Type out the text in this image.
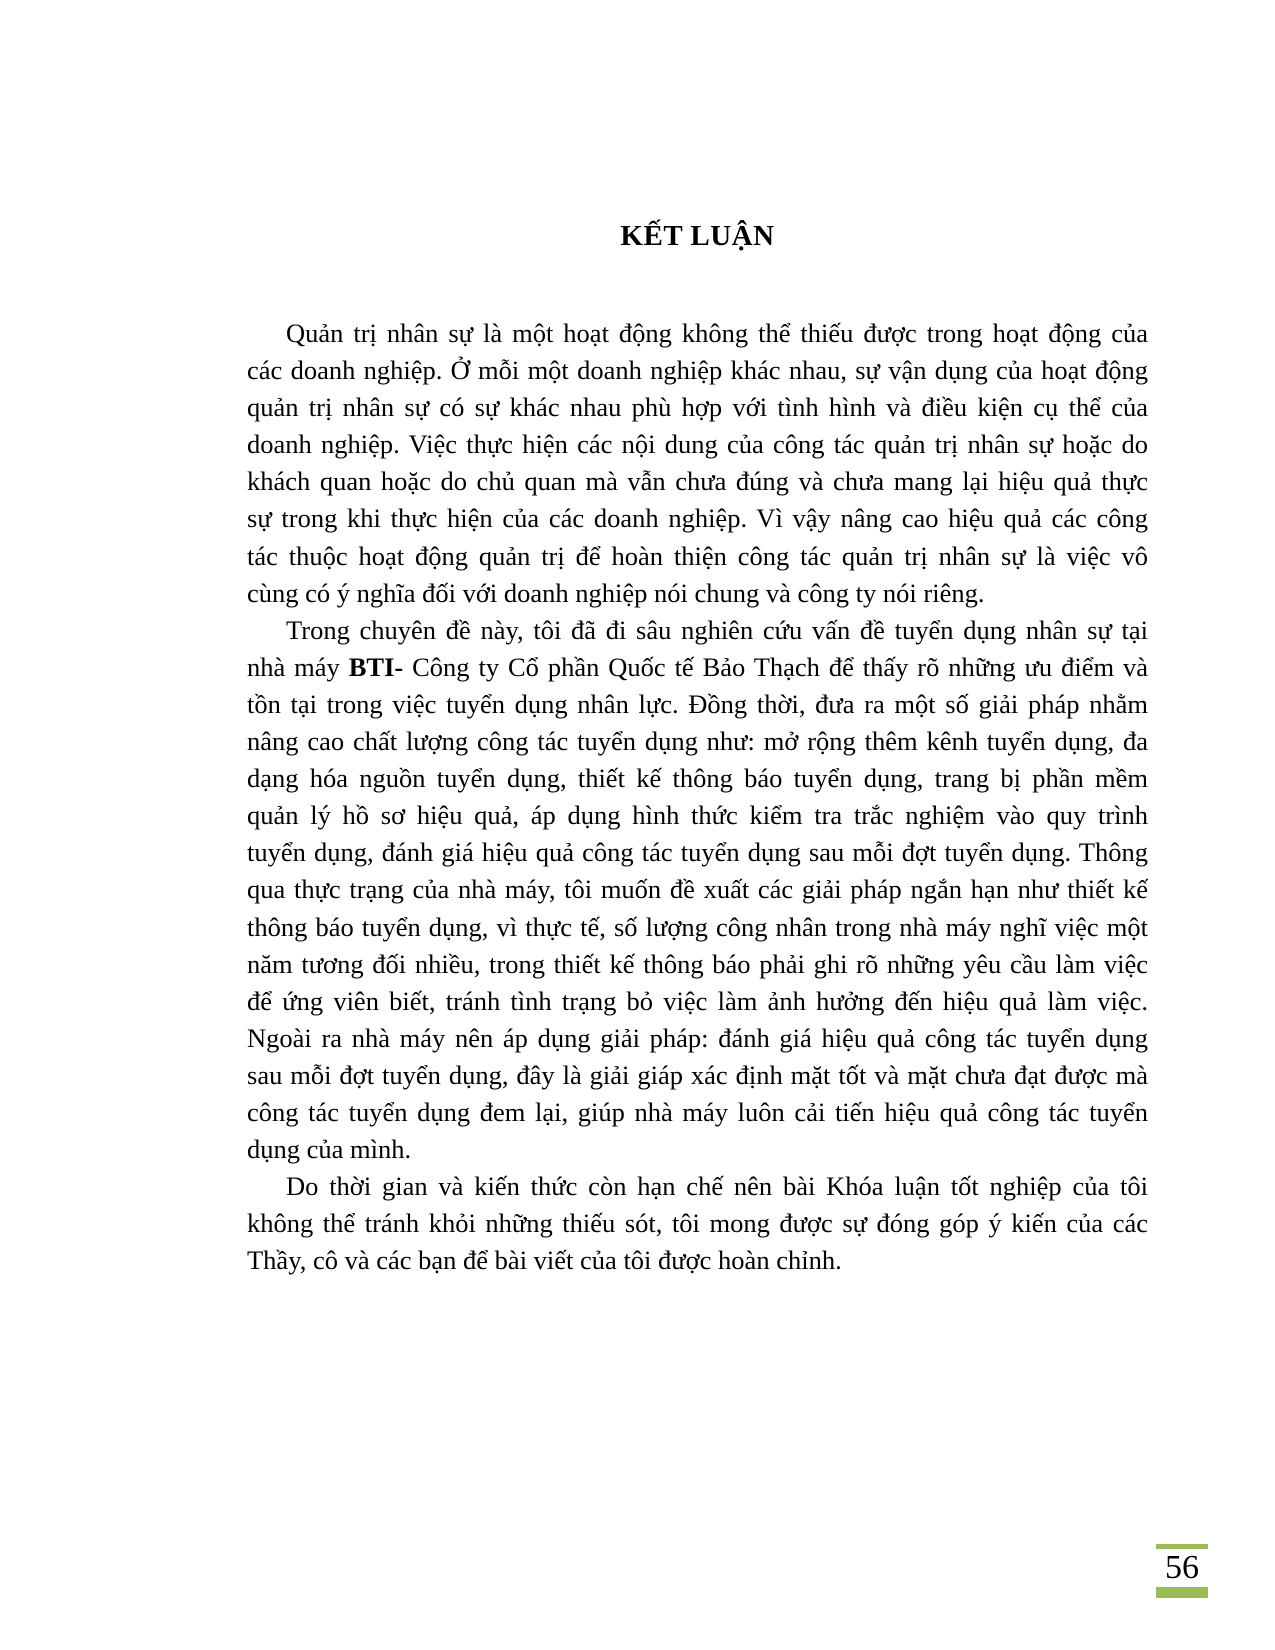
KẾT LUẬN
Quản trị nhân sự là một hoạt động không thể thiếu được trong hoạt động của
các doanh nghiệp. Ở mỗi một doanh nghiệp khác nhau, sự vận dụng của hoạt động
quản trị nhân sự có sự khác nhau phù hợp với tình hình và điều kiện cụ thể của
doanh nghiệp. Việc thực hiện các nội dung của công tác quản trị nhân sự hoặc do
khách quan hoặc do chủ quan mà vẫn chưa đúng và chưa mang lại hiệu quả thực
sự trong khi thực hiện của các doanh nghiệp. Vì vậy nâng cao hiệu quả các công
tác thuộc hoạt động quản trị để hoàn thiện công tác quản trị nhân sự là việc vô
cùng có ý nghĩa đối với doanh nghiệp nói chung và công ty nói riêng.
Trong chuyên đề này, tôi đã đi sâu nghiên cứu vấn đề tuyển dụng nhân sự tại
nhà máy BTI- Công ty Cổ phần Quốc tế Bảo Thạch để thấy rõ những ưu điểm và
tồn tại trong việc tuyển dụng nhân lực. Đồng thời, đưa ra một số giải pháp nhằm
nâng cao chất lượng công tác tuyển dụng như: mở rộng thêm kênh tuyển dụng, đa
dạng hóa nguồn tuyển dụng, thiết kế thông báo tuyển dụng, trang bị phần mềm
quản lý hồ sơ hiệu quả, áp dụng hình thức kiểm tra trắc nghiệm vào quy trình
tuyển dụng, đánh giá hiệu quả công tác tuyển dụng sau mỗi đợt tuyển dụng. Thông
qua thực trạng của nhà máy, tôi muốn đề xuất các giải pháp ngắn hạn như thiết kế
thông báo tuyển dụng, vì thực tế, số lượng công nhân trong nhà máy nghĩ việc một
năm tương đối nhiều, trong thiết kế thông báo phải ghi rõ những yêu cầu làm việc
để ứng viên biết, tránh tình trạng bỏ việc làm ảnh hưởng đến hiệu quả làm việc.
Ngoài ra nhà máy nên áp dụng giải pháp: đánh giá hiệu quả công tác tuyển dụng
sau mỗi đợt tuyển dụng, đây là giải giáp xác định mặt tốt và mặt chưa đạt được mà
công tác tuyển dụng đem lại, giúp nhà máy luôn cải tiến hiệu quả công tác tuyển
dụng của mình.
Do thời gian và kiến thức còn hạn chế nên bài Khóa luận tốt nghiệp của tôi
không thể tránh khỏi những thiếu sót, tôi mong được sự đóng góp ý kiến của các
Thầy, cô và các bạn để bài viết của tôi được hoàn chỉnh.
56
